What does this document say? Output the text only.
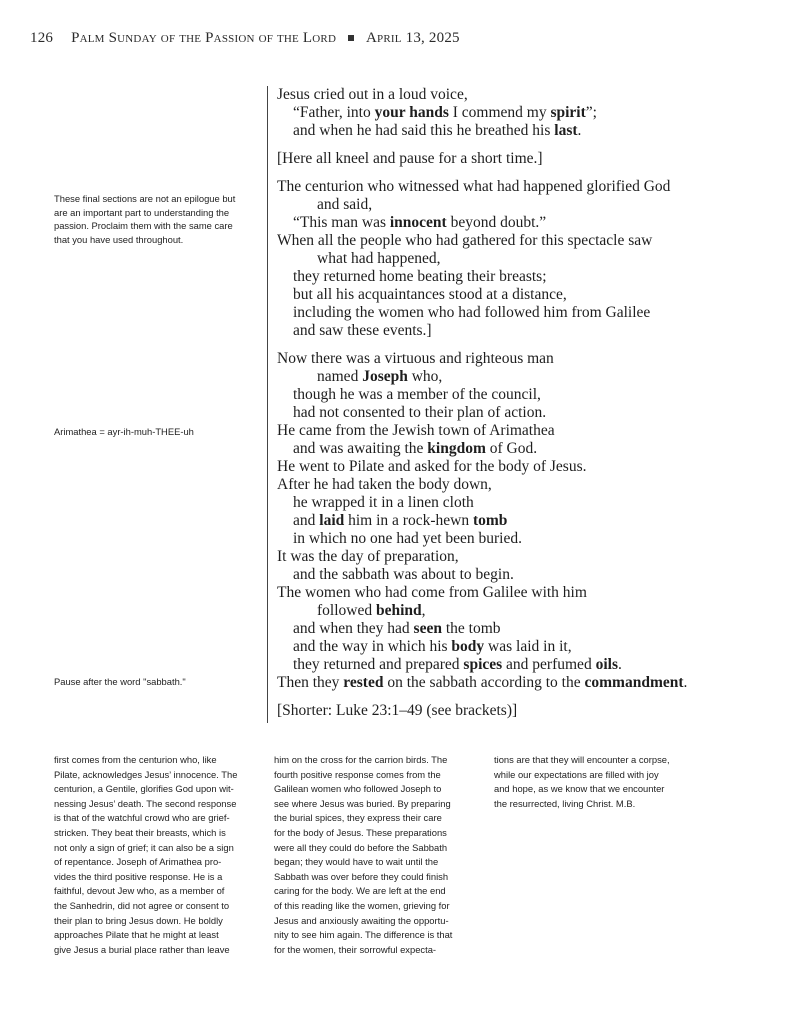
126 Palm Sunday of the Passion of the Lord April 13, 2025
These final sections are not an epilogue but
are an important part to understanding the
passion. Proclaim them with the same care
that you have used throughout.
Arimathea = ayr-ih-muh-THEE-uh
Pause after the word "sabbath."
Jesus cried out in a loud voice,
“Father, into your hands I commend my spirit”;
and when he had said this he breathed his last.
[Here all kneel and pause for a short time.]
The centurion who witnessed what had happened glorified God
and said,
“This man was innocent beyond doubt.”
When all the people who had gathered for this spectacle saw
what had happened,
they returned home beating their breasts;
but all his acquaintances stood at a distance,
including the women who had followed him from Galilee
and saw these events.]
Now there was a virtuous and righteous man
named Joseph who,
though he was a member of the council,
had not consented to their plan of action.
He came from the Jewish town of Arimathea
and was awaiting the kingdom of God.
He went to Pilate and asked for the body of Jesus.
After he had taken the body down,
he wrapped it in a linen cloth
and laid him in a rock-hewn tomb
in which no one had yet been buried.
It was the day of preparation,
and the sabbath was about to begin.
The women who had come from Galilee with him
followed behind,
and when they had seen the tomb
and the way in which his body was laid in it,
they returned and prepared spices and perfumed oils.
Then they rested on the sabbath according to the commandment.
[Shorter: Luke 23:1–49 (see brackets)]
first comes from the centurion who, like
Pilate, acknowledges Jesus’ innocence. The
centurion, a Gentile, glorifies God upon wit-
nessing Jesus’ death. The second response
is that of the watchful crowd who are grief-
stricken. They beat their breasts, which is
not only a sign of grief; it can also be a sign
of repentance. Joseph of Arimathea pro-
vides the third positive response. He is a
faithful, devout Jew who, as a member of
the Sanhedrin, did not agree or consent to
their plan to bring Jesus down. He boldly
approaches Pilate that he might at least
give Jesus a burial place rather than leave
him on the cross for the carrion birds. The
fourth positive response comes from the
Galilean women who followed Joseph to
see where Jesus was buried. By preparing
the burial spices, they express their care
for the body of Jesus. These preparations
were all they could do before the Sabbath
began; they would have to wait until the
Sabbath was over before they could finish
caring for the body. We are left at the end
of this reading like the women, grieving for
Jesus and anxiously awaiting the opportu-
nity to see him again. The difference is that
for the women, their sorrowful expecta-
tions are that they will encounter a corpse,
while our expectations are filled with joy
and hope, as we know that we encounter
the resurrected, living Christ. M.B.
